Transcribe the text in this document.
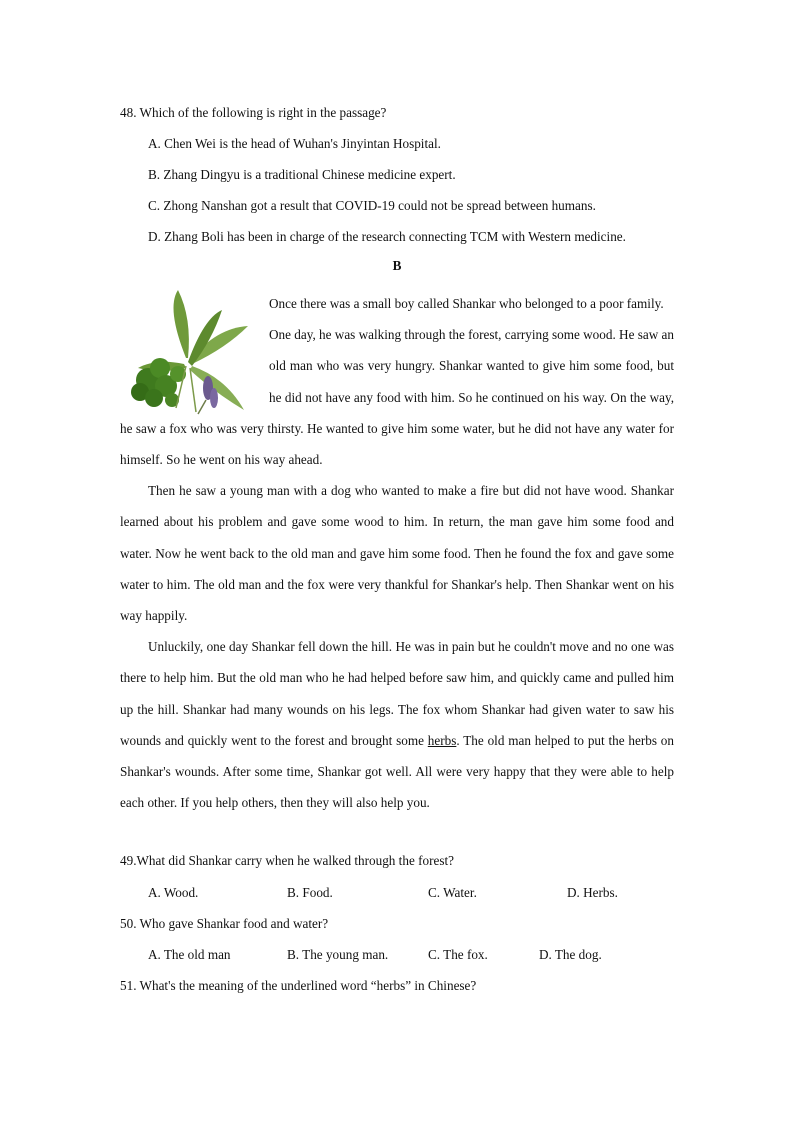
48. Which of the following is right in the passage?
A. Chen Wei is the head of Wuhan's Jinyintan Hospital.
B. Zhang Dingyu is a traditional Chinese medicine expert.
C. Zhong Nanshan got a result that COVID-19 could not be spread between humans.
D. Zhang Boli has been in charge of the research connecting TCM with Western medicine.
B
Once there was a small boy called Shankar who belonged to a poor family.
One day, he was walking through the forest, carrying some wood. He saw an old man who was very hungry. Shankar wanted to give him some food, but he did not have any food with him. So he continued on his way. On the way, he saw a fox who was very thirsty. He wanted to give him some water, but he did not have any water for himself. So he went on his way ahead.
Then he saw a young man with a dog who wanted to make a fire but did not have wood. Shankar learned about his problem and gave some wood to him. In return, the man gave him some food and water. Now he went back to the old man and gave him some food. Then he found the fox and gave some water to him. The old man and the fox were very thankful for Shankar's help. Then Shankar went on his way happily.
Unluckily, one day Shankar fell down the hill. He was in pain but he couldn't move and no one was there to help him. But the old man who he had helped before saw him, and quickly came and pulled him up the hill. Shankar had many wounds on his legs. The fox whom Shankar had given water to saw his wounds and quickly went to the forest and brought some herbs. The old man helped to put the herbs on Shankar's wounds. After some time, Shankar got well. All were very happy that they were able to help each other. If you help others, then they will also help you.
49.What did Shankar carry when he walked through the forest?
A. Wood.	B. Food.	C. Water.	D. Herbs.
50. Who gave Shankar food and water?
A. The old man	B. The young man.	C. The fox.	D. The dog.
51. What's the meaning of the underlined word “herbs” in Chinese?
